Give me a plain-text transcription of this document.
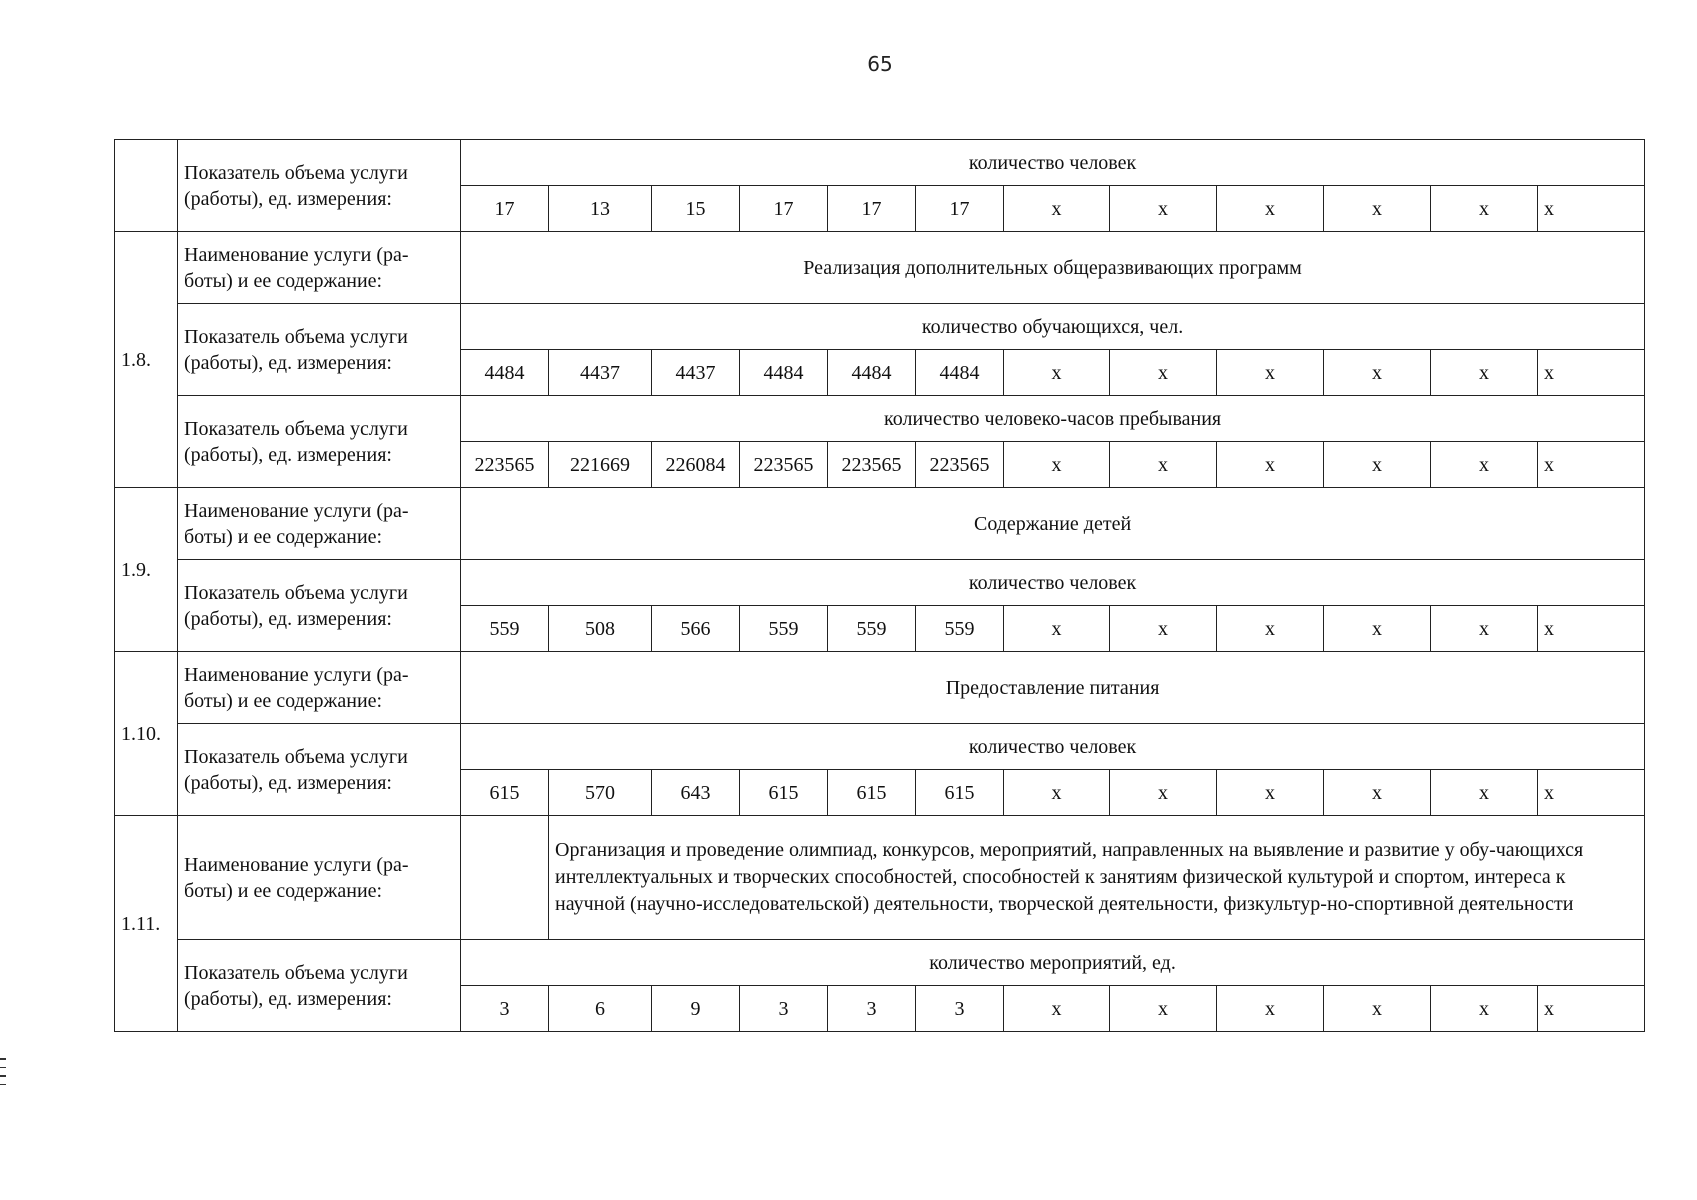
65
	Показатель объема услуги (работы), ед. измерения:	количество человек											
		17	13	15	17	17	17	x	x	x	x	x	x
1.8.	Наименование услуги (ра-боты) и ее содержание:	Реализация дополнительных общеразвивающих программ											
	Показатель объема услуги (работы), ед. измерения:	количество обучающихся, чел.											
		4484	4437	4437	4484	4484	4484	x	x	x	x	x	x
	Показатель объема услуги (работы), ед. измерения:	количество человеко-часов пребывания											
		223565	221669	226084	223565	223565	223565	x	x	x	x	x	x
1.9.	Наименование услуги (ра-боты) и ее содержание:	Содержание детей											
	Показатель объема услуги (работы), ед. измерения:	количество человек											
		559	508	566	559	559	559	x	x	x	x	x	x
1.10.	Наименование услуги (ра-боты) и ее содержание:	Предоставление питания											
	Показатель объема услуги (работы), ед. измерения:	количество человек											
		615	570	643	615	615	615	x	x	x	x	x	x
1.11.	Наименование услуги (ра-боты) и ее содержание:		Организация и проведение олимпиад, конкурсов, мероприятий, направленных на выявление и развитие у обу-чающихся интеллектуальных и творческих способностей, способностей к занятиям физической культурой и спортом, интереса к научной (научно-исследовательской) деятельности, творческой деятельности, физкультур-но-спортивной деятельности										
	Показатель объема услуги (работы), ед. измерения:	количество мероприятий, ед.											
		3	6	9	3	3	3	x	x	x	x	x	x
